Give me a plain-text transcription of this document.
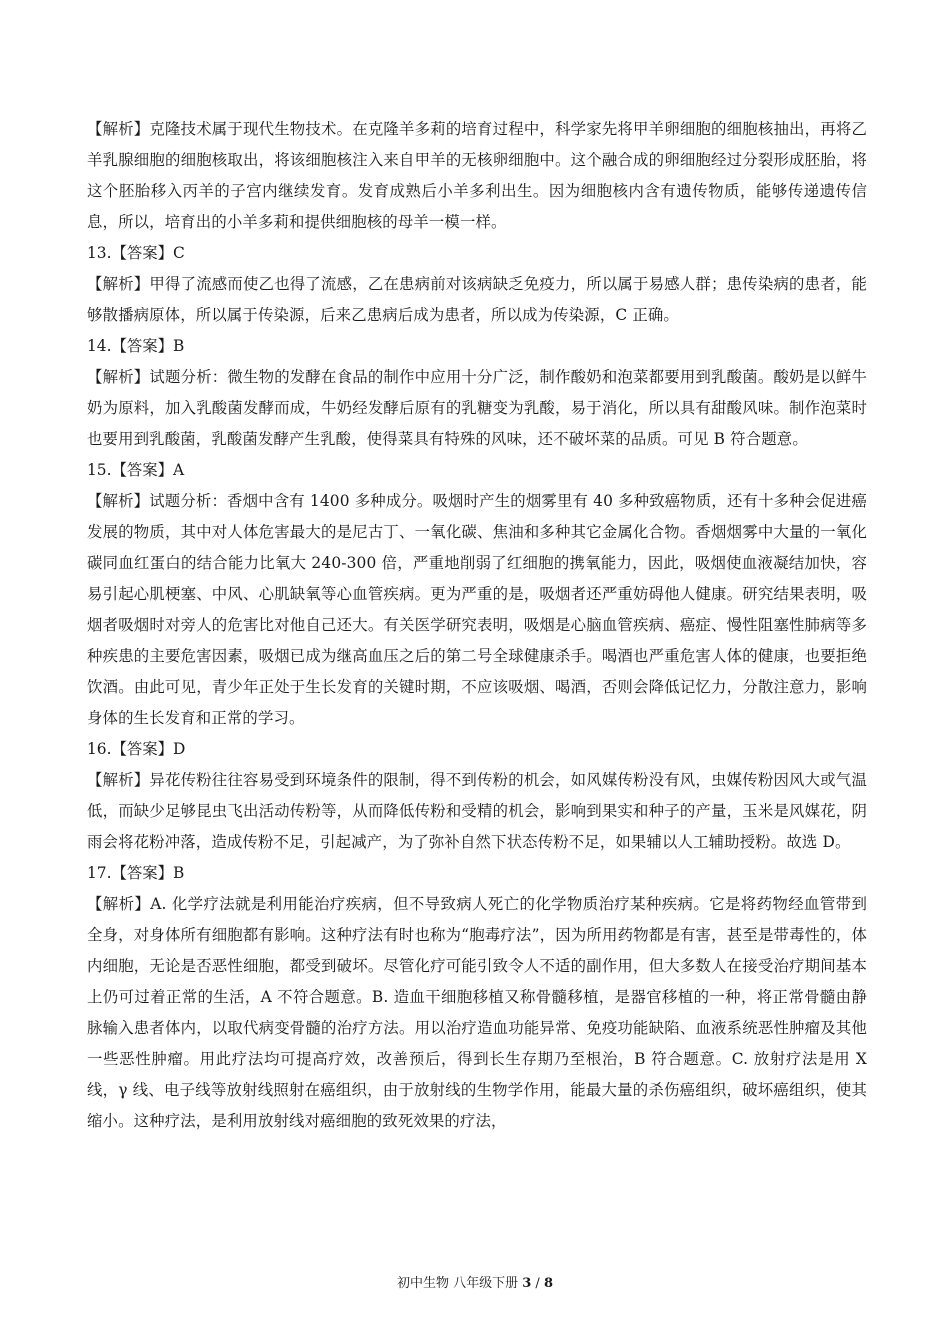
【解析】克隆技术属于现代生物技术。在克隆羊多莉的培育过程中，科学家先将甲羊卵细胞的细胞核抽出，再将乙羊乳腺细胞的细胞核取出，将该细胞核注入来自甲羊的无核卵细胞中。这个融合成的卵细胞经过分裂形成胚胎，将这个胚胎移入丙羊的子宫内继续发育。发育成熟后小羊多利出生。因为细胞核内含有遗传物质，能够传递遗传信息，所以，培育出的小羊多莉和提供细胞核的母羊一模一样。

13.【答案】C

【解析】甲得了流感而使乙也得了流感，乙在患病前对该病缺乏免疫力，所以属于易感人群；患传染病的患者，能够散播病原体，所以属于传染源，后来乙患病后成为患者，所以成为传染源，C 正确。

14.【答案】B

【解析】试题分析：微生物的发酵在食品的制作中应用十分广泛，制作酸奶和泡菜都要用到乳酸菌。酸奶是以鲜牛奶为原料，加入乳酸菌发酵而成，牛奶经发酵后原有的乳糖变为乳酸，易于消化，所以具有甜酸风味。制作泡菜时也要用到乳酸菌，乳酸菌发酵产生乳酸，使得菜具有特殊的风味，还不破坏菜的品质。可见 B 符合题意。

15.【答案】A

【解析】试题分析：香烟中含有 1400 多种成分。吸烟时产生的烟雾里有 40 多种致癌物质，还有十多种会促进癌发展的物质，其中对人体危害最大的是尼古丁、一氧化碳、焦油和多种其它金属化合物。香烟烟雾中大量的一氧化碳同血红蛋白的结合能力比氧大 240-300 倍，严重地削弱了红细胞的携氧能力，因此，吸烟使血液凝结加快，容易引起心肌梗塞、中风、心肌缺氧等心血管疾病。更为严重的是，吸烟者还严重妨碍他人健康。研究结果表明，吸烟者吸烟时对旁人的危害比对他自己还大。有关医学研究表明，吸烟是心脑血管疾病、癌症、慢性阻塞性肺病等多种疾患的主要危害因素，吸烟已成为继高血压之后的第二号全球健康杀手。喝酒也严重危害人体的健康，也要拒绝饮酒。由此可见，青少年正处于生长发育的关键时期，不应该吸烟、喝酒，否则会降低记忆力，分散注意力，影响身体的生长发育和正常的学习。

16.【答案】D

【解析】异花传粉往往容易受到环境条件的限制，得不到传粉的机会，如风媒传粉没有风，虫媒传粉因风大或气温低，而缺少足够昆虫飞出活动传粉等，从而降低传粉和受精的机会，影响到果实和种子的产量，玉米是风媒花，阴雨会将花粉冲落，造成传粉不足，引起减产，为了弥补自然下状态传粉不足，如果辅以人工辅助授粉。故选 D。

17.【答案】B

【解析】A. 化学疗法就是利用能治疗疾病，但不导致病人死亡的化学物质治疗某种疾病。它是将药物经血管带到全身，对身体所有细胞都有影响。这种疗法有时也称为“胞毒疗法”，因为所用药物都是有害，甚至是带毒性的，体内细胞，无论是否恶性细胞，都受到破坏。尽管化疗可能引致令人不适的副作用，但大多数人在接受治疗期间基本上仍可过着正常的生活，A 不符合题意。B. 造血干细胞移植又称骨髓移植，是器官移植的一种，将正常骨髓由静脉输入患者体内，以取代病变骨髓的治疗方法。用以治疗造血功能异常、免疫功能缺陷、血液系统恶性肿瘤及其他一些恶性肿瘤。用此疗法均可提高疗效，改善预后，得到长生存期乃至根治，B 符合题意。C. 放射疗法是用 X 线，γ 线、电子线等放射线照射在癌组织，由于放射线的生物学作用，能最大量的杀伤癌组织，破坏癌组织，使其缩小。这种疗法，是利用放射线对癌细胞的致死效果的疗法，

初中生物 八年级下册 3 / 8
